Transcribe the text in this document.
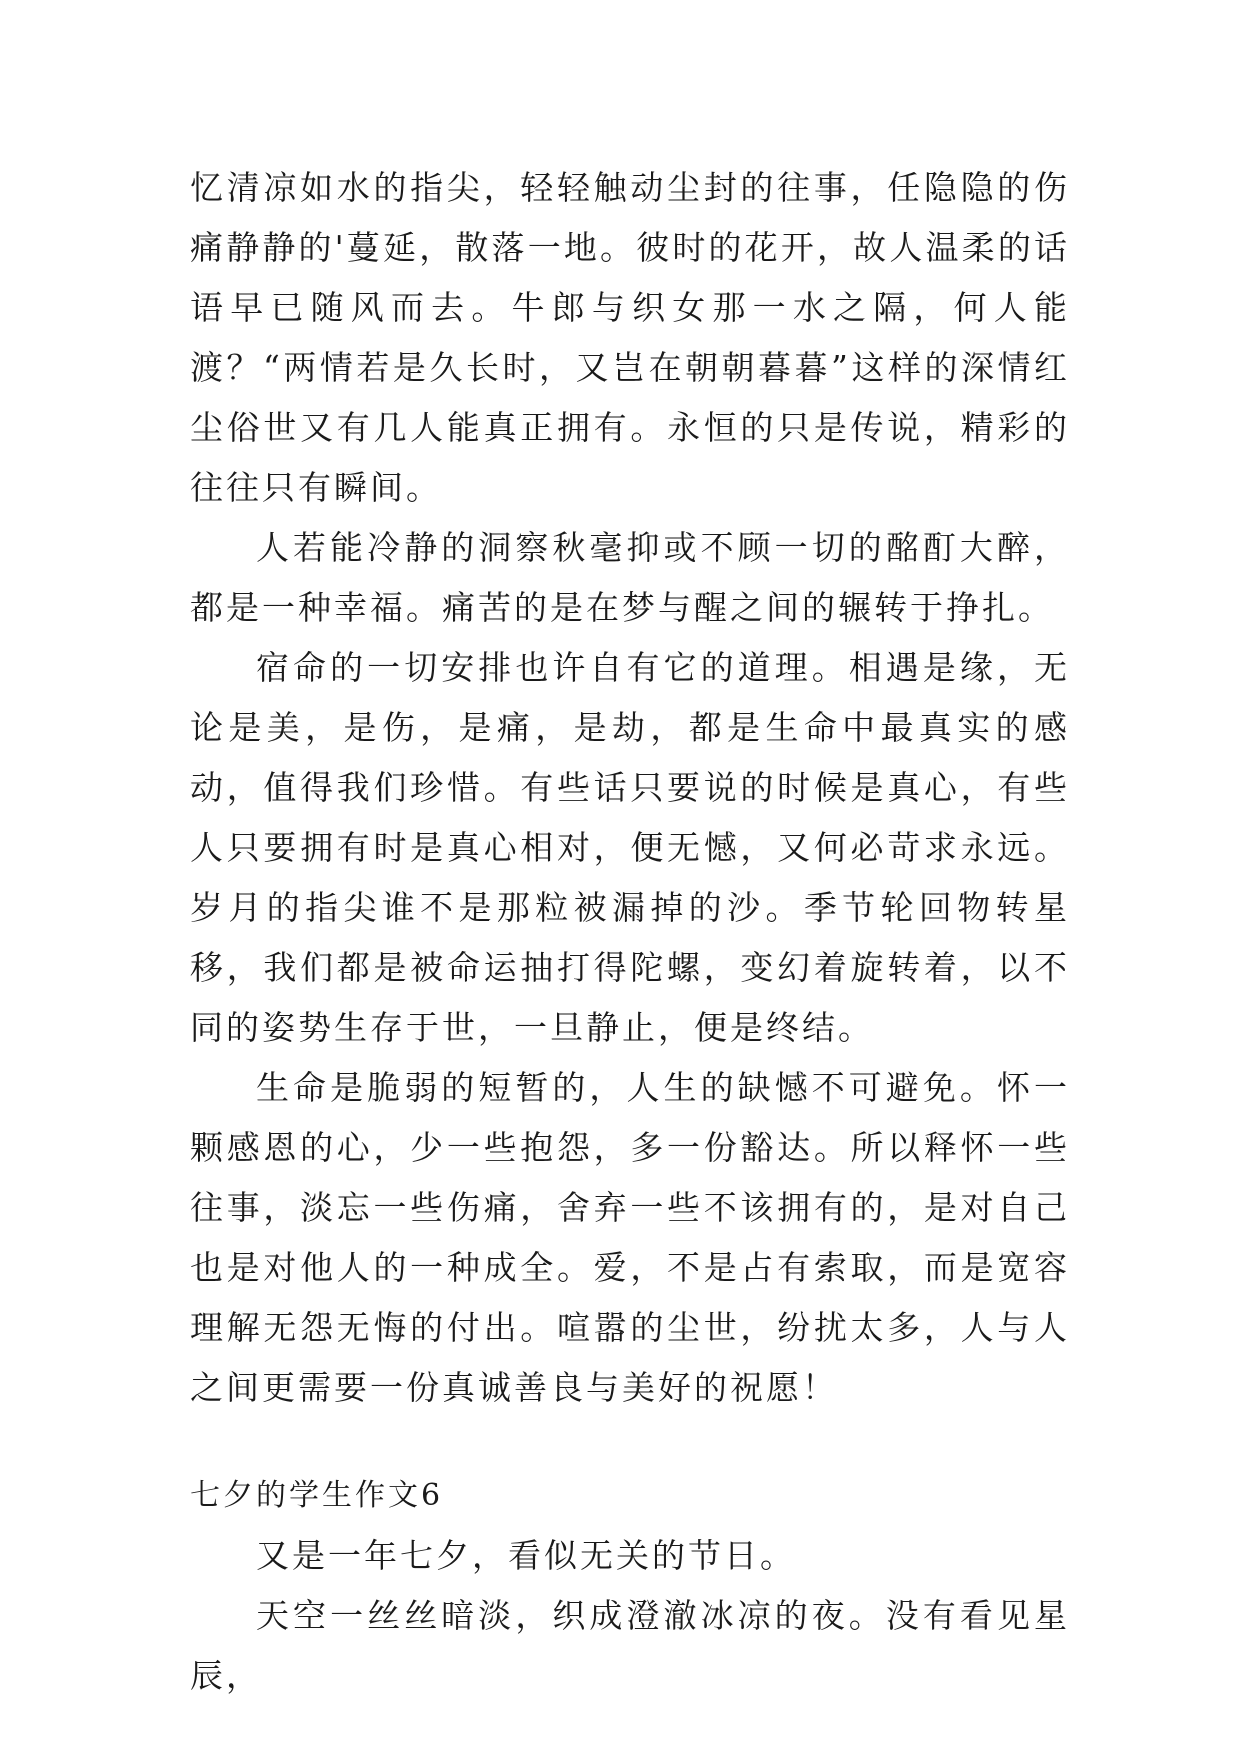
忆清凉如水的指尖，轻轻触动尘封的往事，任隐隐的伤痛静静的'蔓延，散落一地。彼时的花开，故人温柔的话语早已随风而去。牛郎与织女那一水之隔，何人能渡？“两情若是久长时，又岂在朝朝暮暮”这样的深情红尘俗世又有几人能真正拥有。永恒的只是传说，精彩的往往只有瞬间。

人若能冷静的洞察秋毫抑或不顾一切的酩酊大醉，都是一种幸福。痛苦的是在梦与醒之间的辗转于挣扎。

宿命的一切安排也许自有它的道理。相遇是缘，无论是美，是伤，是痛，是劫，都是生命中最真实的感动，值得我们珍惜。有些话只要说的时候是真心，有些人只要拥有时是真心相对，便无憾，又何必苛求永远。岁月的指尖谁不是那粒被漏掉的沙。季节轮回物转星移，我们都是被命运抽打得陀螺，变幻着旋转着，以不同的姿势生存于世，一旦静止，便是终结。

生命是脆弱的短暂的，人生的缺憾不可避免。怀一颗感恩的心，少一些抱怨，多一份豁达。所以释怀一些往事，淡忘一些伤痛，舍弃一些不该拥有的，是对自己也是对他人的一种成全。爱，不是占有索取，而是宽容理解无怨无悔的付出。喧嚣的尘世，纷扰太多，人与人之间更需要一份真诚善良与美好的祝愿！

七夕的学生作文6

又是一年七夕，看似无关的节日。

天空一丝丝暗淡，织成澄澈冰凉的夜。没有看见星辰，
